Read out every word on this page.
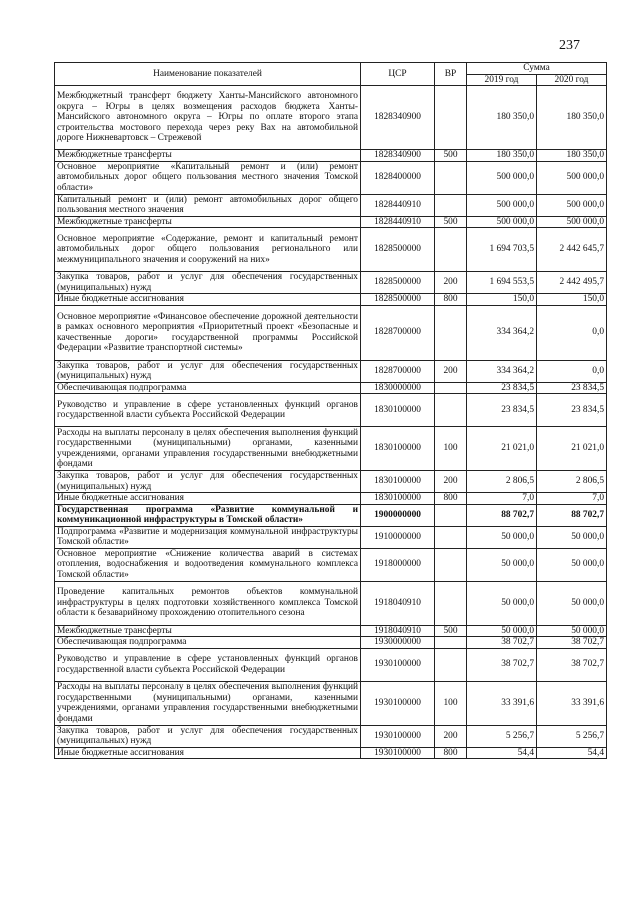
237
Наименование показателей	ЦСР	ВР	Сумма	
			2019 год	2020 год
Межбюджетный трансферт бюджету Ханты-Мансийского автономного округа – Югры в целях возмещения расходов бюджета Ханты-Мансийского автономного округа – Югры по оплате второго этапа строительства мостового перехода через реку Вах на автомобильной дороге Нижневартовск – Стрежевой	1828340900		180 350,0	180 350,0
Межбюджетные трансферты	1828340900	500	180 350,0	180 350,0
Основное мероприятие «Капитальный ремонт и (или) ремонт автомобильных дорог общего пользования местного значения Томской области»	1828400000		500 000,0	500 000,0
Капитальный ремонт и (или) ремонт автомобильных дорог общего пользования местного значения	1828440910		500 000,0	500 000,0
Межбюджетные трансферты	1828440910	500	500 000,0	500 000,0
Основное мероприятие «Содержание, ремонт и капитальный ремонт автомобильных дорог общего пользования регионального или межмуниципального значения и сооружений на них»	1828500000		1 694 703,5	2 442 645,7
Закупка товаров, работ и услуг для обеспечения государственных (муниципальных) нужд	1828500000	200	1 694 553,5	2 442 495,7
Иные бюджетные ассигнования	1828500000	800	150,0	150,0
Основное мероприятие «Финансовое обеспечение дорожной деятельности в рамках основного мероприятия «Приоритетный проект «Безопасные и качественные дороги» государственной программы Российской Федерации «Развитие транспортной системы»	1828700000		334 364,2	0,0
Закупка товаров, работ и услуг для обеспечения государственных (муниципальных) нужд	1828700000	200	334 364,2	0,0
Обеспечивающая подпрограмма	1830000000		23 834,5	23 834,5
Руководство и управление в сфере установленных функций органов государственной власти субъекта Российской Федерации	1830100000		23 834,5	23 834,5
Расходы на выплаты персоналу в целях обеспечения выполнения функций государственными (муниципальными) органами, казенными учреждениями, органами управления государственными внебюджетными фондами	1830100000	100	21 021,0	21 021,0
Закупка товаров, работ и услуг для обеспечения государственных (муниципальных) нужд	1830100000	200	2 806,5	2 806,5
Иные бюджетные ассигнования	1830100000	800	7,0	7,0
Государственная программа «Развитие коммунальной и коммуникационной инфраструктуры в Томской области»	1900000000		88 702,7	88 702,7
Подпрограмма «Развитие и модернизация коммунальной инфраструктуры Томской области»	1910000000		50 000,0	50 000,0
Основное мероприятие «Снижение количества аварий в системах отопления, водоснабжения и водоотведения коммунального комплекса Томской области»	1918000000		50 000,0	50 000,0
Проведение капитальных ремонтов объектов коммунальной инфраструктуры в целях подготовки хозяйственного комплекса Томской области к безаварийному прохождению отопительного сезона	1918040910		50 000,0	50 000,0
Межбюджетные трансферты	1918040910	500	50 000,0	50 000,0
Обеспечивающая подпрограмма	1930000000		38 702,7	38 702,7
Руководство и управление в сфере установленных функций органов государственной власти субъекта Российской Федерации	1930100000		38 702,7	38 702,7
Расходы на выплаты персоналу в целях обеспечения выполнения функций государственными (муниципальными) органами, казенными учреждениями, органами управления государственными внебюджетными фондами	1930100000	100	33 391,6	33 391,6
Закупка товаров, работ и услуг для обеспечения государственных (муниципальных) нужд	1930100000	200	5 256,7	5 256,7
Иные бюджетные ассигнования	1930100000	800	54,4	54,4
